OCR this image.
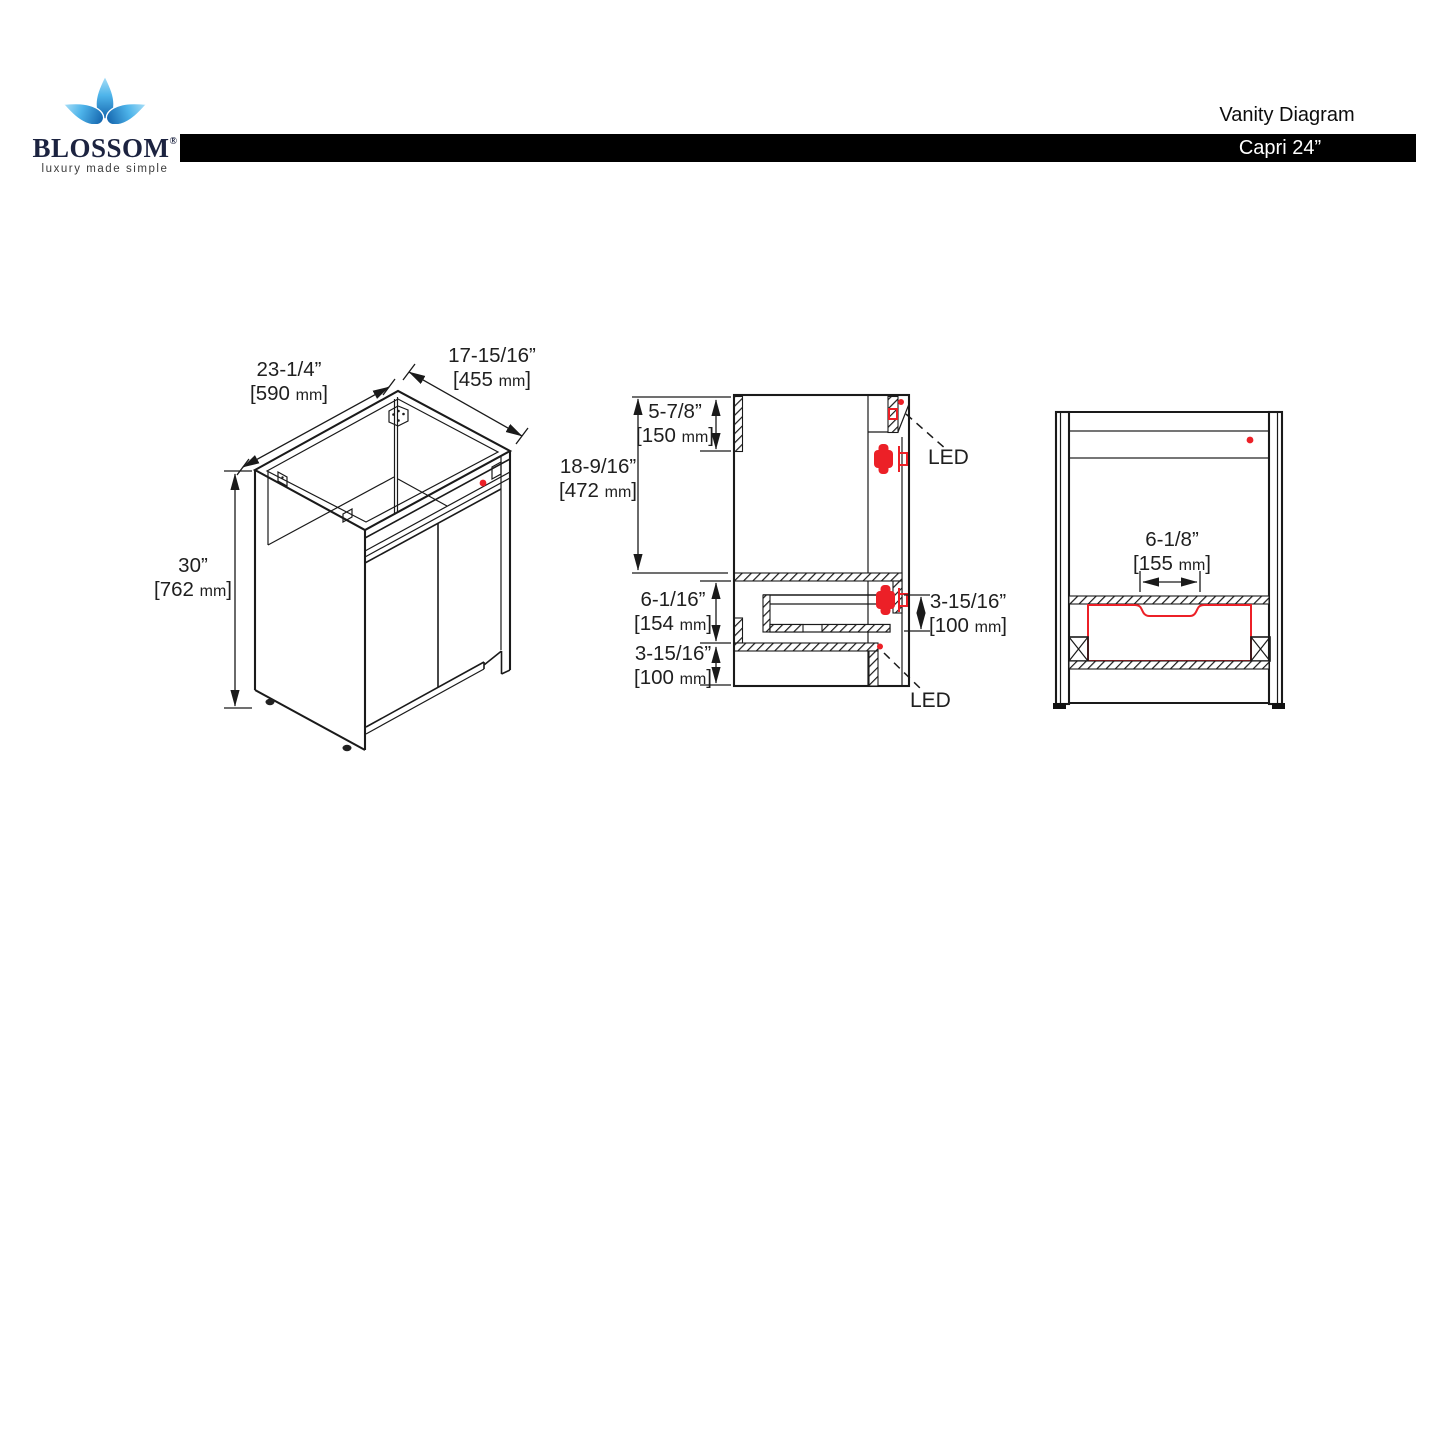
BLOSSOM®
luxury made simple
Vanity Diagram
Capri 24”
23-1/4”
[590 mm]
17-15/16”
[455 mm]
30”
[762 mm]
5-7/8”
[150 mm]
18-9/16”
[472 mm]
6-1/16”
[154 mm]
3-15/16”
[100 mm]
3-15/16”
[100 mm]
LED
LED
6-1/8”
[155 mm]
